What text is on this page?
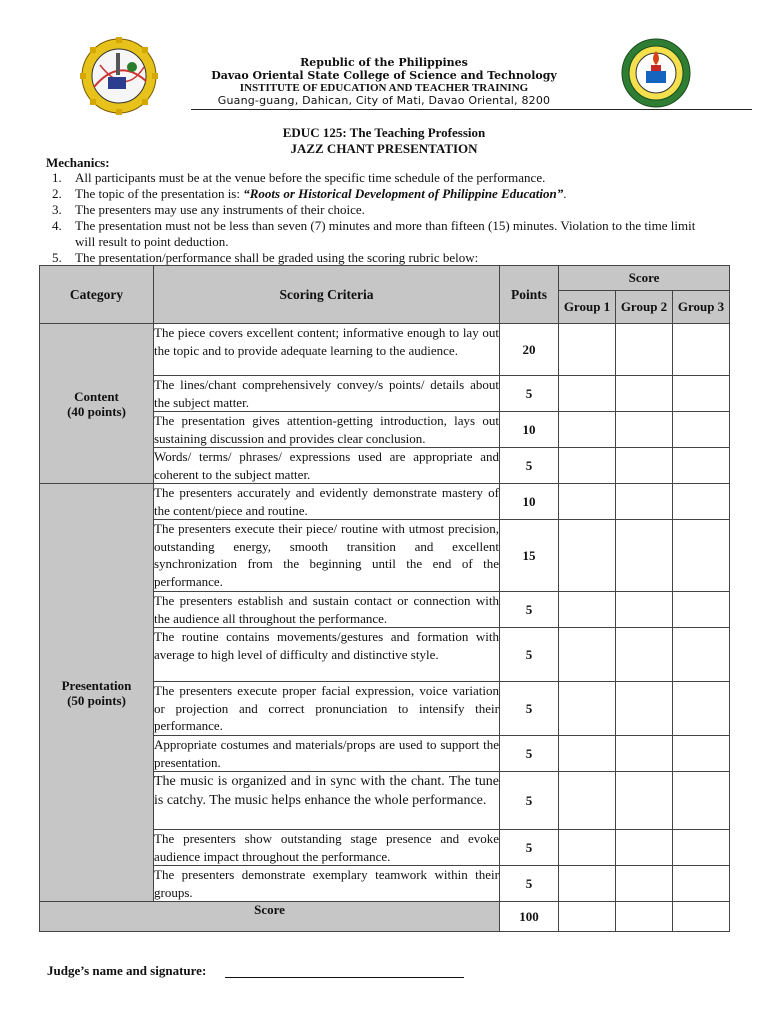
Republic of the Philippines
Davao Oriental State College of Science and Technology
INSTITUTE OF EDUCATION AND TEACHER TRAINING
Guang-guang, Dahican, City of Mati, Davao Oriental, 8200
EDUC 125: The Teaching Profession
JAZZ CHANT PRESENTATION
Mechanics:
1. All participants must be at the venue before the specific time schedule of the performance.
2. The topic of the presentation is: “Roots or Historical Development of Philippine Education”.
3. The presenters may use any instruments of their choice.
4. The presentation must not be less than seven (7) minutes and more than fifteen (15) minutes. Violation to the time limit will result to point deduction.
5. The presentation/performance shall be graded using the scoring rubric below:
Category	Scoring Criteria	Points	Score		
			Group 1	Group 2	Group 3

Content
(40 points)	The piece covers excellent content; informative enough to lay out the topic and to provide adequate learning to the audience.	20			
	The lines/chant comprehensively convey/s points/ details about the subject matter.	5			
	The presentation gives attention-getting introduction, lays out sustaining discussion and provides clear conclusion.	10			
	Words/ terms/ phrases/ expressions used are appropriate and coherent to the subject matter.	5			

Presentation
(50 points)	The presenters accurately and evidently demonstrate mastery of the content/piece and routine.	10			
	The presenters execute their piece/ routine with utmost precision, outstanding energy, smooth transition and excellent synchronization from the beginning until the end of the performance.	15			
	The presenters establish and sustain contact or connection with the audience all throughout the performance.	5			
	The routine contains movements/gestures and formation with average to high level of difficulty and distinctive style.	5			
	The presenters execute proper facial expression, voice variation or projection and correct pronunciation to intensify their performance.	5			
	Appropriate costumes and materials/props are used to support the presentation.	5			
	The music is organized and in sync with the chant. The tune is catchy. The music helps enhance the whole performance.	5			
	The presenters show outstanding stage presence and evoke audience impact throughout the performance.	5			
	The presenters demonstrate exemplary teamwork within their groups.	5			
Score		100			
Judge’s name and signature:
